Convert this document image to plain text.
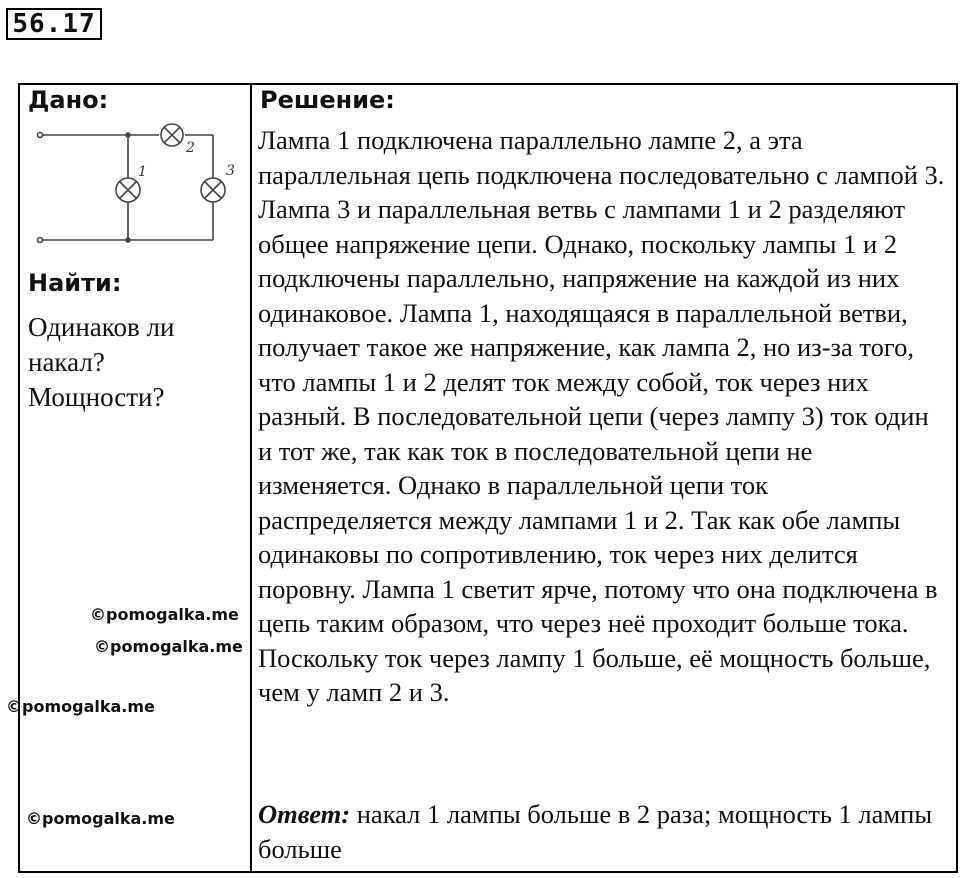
56.17
Дано:
1
2
3
Найти:
Одинаков ли накал? Мощности?
Решение:
Лампа 1 подключена параллельно лампе 2, а эта параллельная цепь подключена последовательно с лампой 3. Лампа 3 и параллельная ветвь с лампами 1 и 2 разделяют общее напряжение цепи. Однако, поскольку лампы 1 и 2 подключены параллельно, напряжение на каждой из них одинаковое. Лампа 1, находящаяся в параллельной ветви, получает такое же напряжение, как лампа 2, но из-за того, что лампы 1 и 2 делят ток между собой, ток через них разный. В последовательной цепи (через лампу 3) ток один и тот же, так как ток в последовательной цепи не изменяется. Однако в параллельной цепи ток распределяется между лампами 1 и 2. Так как обе лампы одинаковы по сопротивлению, ток через них делится поровну. Лампа 1 светит ярче, потому что она подключена в цепь таким образом, что через неё проходит больше тока. Поскольку ток через лампу 1 больше, её мощность больше, чем у ламп 2 и 3.
Ответ: накал 1 лампы больше в 2 раза; мощность 1 лампы больше
©pomogalka.me
©pomogalka.me
©pomogalka.me
©pomogalka.me
